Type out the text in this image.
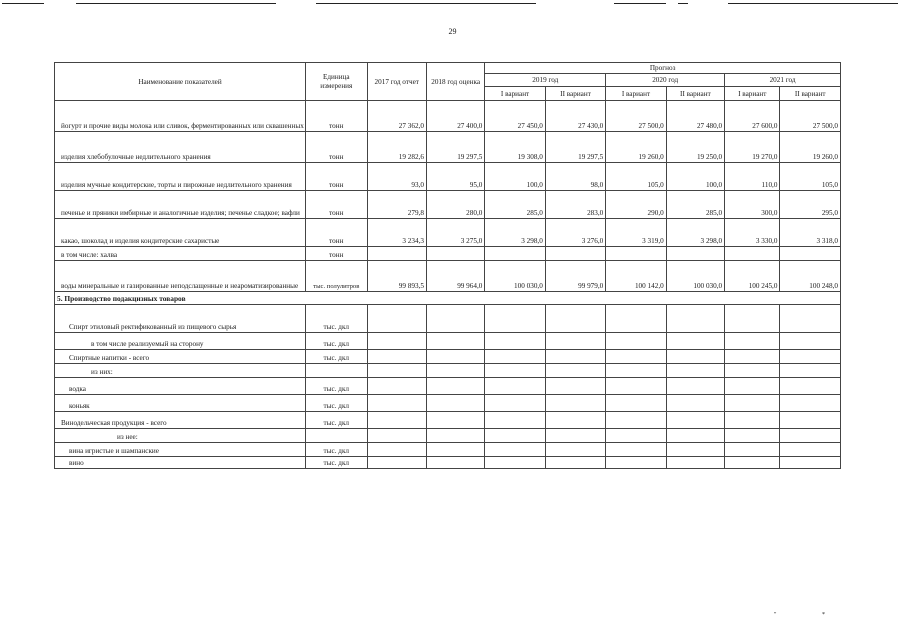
29
Наименование показателей	Единица измерения	2017 год отчет	2018 год оценка	Прогноз					
				2019 год		2020 год		2021 год	
				I вариант	II вариант	I вариант	II вариант	I вариант	II вариант
йогурт и прочие виды молока или сливок, ферментированных или сквашенных	тонн	27 362,0	27 400,0	27 450,0	27 430,0	27 500,0	27 480,0	27 600,0	27 500,0
изделия хлебобулочные недлительного хранения	тонн	19 282,6	19 297,5	19 308,0	19 297,5	19 260,0	19 250,0	19 270,0	19 260,0
изделия мучные кондитерские, торты и пирожные недлительного хранения	тонн	93,0	95,0	100,0	98,0	105,0	100,0	110,0	105,0
печенье и пряники имбирные и аналогичные изделия; печенье сладкое; вафли	тонн	279,8	280,0	285,0	283,0	290,0	285,0	300,0	295,0
какао, шоколад и изделия кондитерские сахаристые	тонн	3 234,3	3 275,0	3 298,0	3 276,0	3 319,0	3 298,0	3 330,0	3 318,0
в том числе: халва	тонн								
воды минеральные и газированные неподслащенные и неароматизированные	тыс. полулитров	99 893,5	99 964,0	100 030,0	99 979,0	100 142,0	100 030,0	100 245,0	100 248,0
5. Производство подакцизных товаров									
Спирт этиловый ректификованный из пищевого сырья	тыс. дкл								
в том числе реализуемый на сторону	тыс. дкл								
Спиртные напитки - всего	тыс. дкл								
из них:									
водка	тыс. дкл								
коньяк	тыс. дкл								
Винодельческая продукция - всего	тыс. дкл								
из нее:									
вина игристые и шампанские	тыс. дкл								
вино	тыс. дкл								
" *
